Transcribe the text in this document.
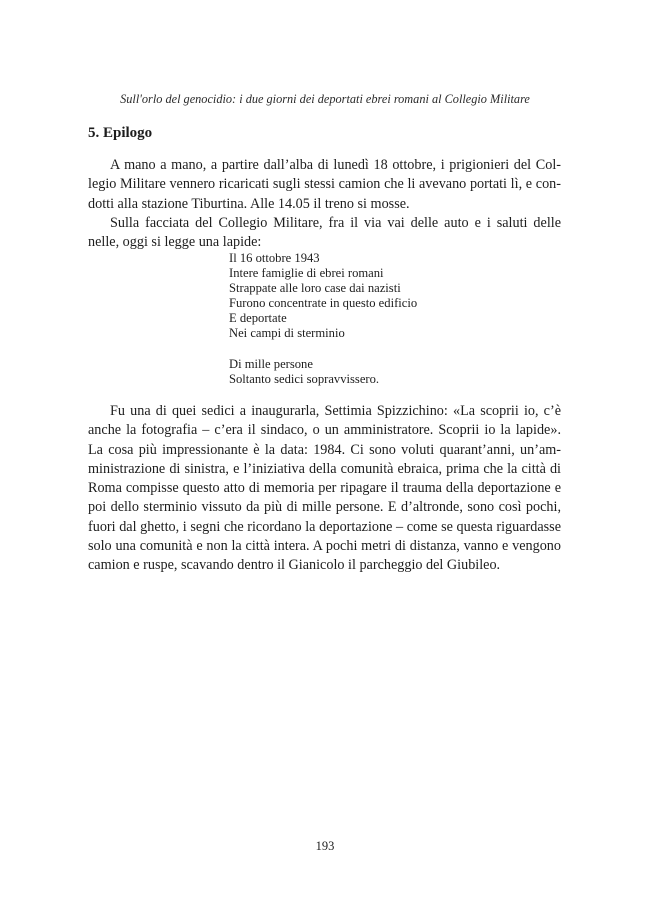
Sull'orlo del genocidio: i due giorni dei deportati ebrei romani al Collegio Militare
5. Epilogo
A mano a mano, a partire dall’alba di lunedì 18 ottobre, i prigionieri del Col-
legio Militare vennero ricaricati sugli stessi camion che li avevano portati lì, e con-
dotti alla stazione Tiburtina. Alle 14.05 il treno si mosse.
Sulla facciata del Collegio Militare, fra il via vai delle auto e i saluti delle
nelle, oggi si legge una lapide:
Il 16 ottobre 1943
Intere famiglie di ebrei romani
Strappate alle loro case dai nazisti
Furono concentrate in questo edificio
E deportate
Nei campi di sterminio
Di mille persone
Soltanto sedici sopravvissero.
Fu una di quei sedici a inaugurarla, Settimia Spizzichino: «La scoprii io, c’è
anche la fotografia – c’era il sindaco, o un amministratore. Scoprii io la lapide».
La cosa più impressionante è la data: 1984. Ci sono voluti quarant’anni, un’am-
ministrazione di sinistra, e l’iniziativa della comunità ebraica, prima che la città di
Roma compisse questo atto di memoria per ripagare il trauma della deportazione e
poi dello sterminio vissuto da più di mille persone. E d’altronde, sono così pochi,
fuori dal ghetto, i segni che ricordano la deportazione – come se questa riguardasse
solo una comunità e non la città intera. A pochi metri di distanza, vanno e vengono
camion e ruspe, scavando dentro il Gianicolo il parcheggio del Giubileo.
193
